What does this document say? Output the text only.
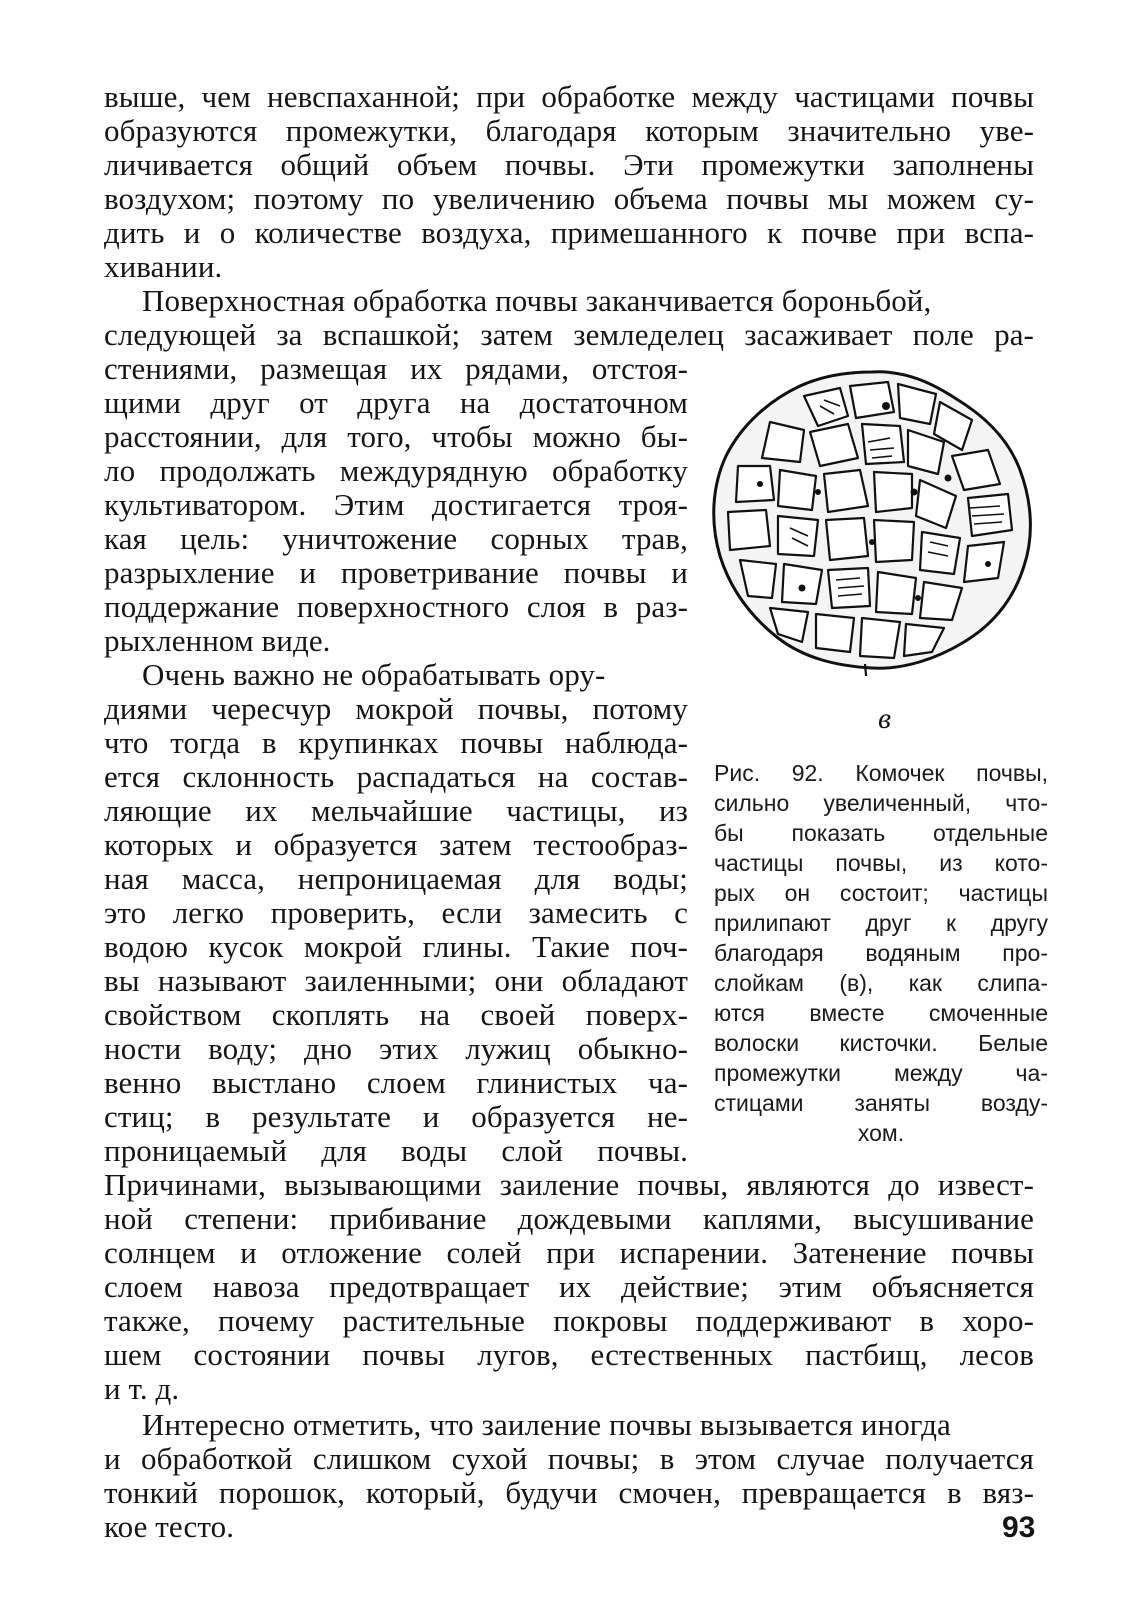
выше, чем невспаханной; при обработке между частицами почвы
образуются промежутки, благодаря которым значительно уве-
личивается общий объем почвы. Эти промежутки заполнены
воздухом; поэтому по увеличению объема почвы мы можем су-
дить и о количестве воздуха, примешанного к почве при вспа-
хивании.
Поверхностная обработка почвы заканчивается бороньбой,
следующей за вспашкой; затем земледелец засаживает поле ра-
стениями, размещая их рядами, отстоя-
щими друг от друга на достаточном
расстоянии, для того, чтобы можно бы-
ло продолжать междурядную обработку
культиватором. Этим достигается троя-
кая цель: уничтожение сорных трав,
разрыхление и проветривание почвы и
поддержание поверхностного слоя в раз-
рыхленном виде.
Очень важно не обрабатывать ору-
диями чересчур мокрой почвы, потому
что тогда в крупинках почвы наблюда-
ется склонность распадаться на состав-
ляющие их мельчайшие частицы, из
которых и образуется затем тестообраз-
ная масса, непроницаемая для воды;
это легко проверить, если замесить с
водою кусок мокрой глины. Такие поч-
вы называют заиленными; они обладают
свойством скоплять на своей поверх-
ности воду; дно этих лужиц обыкно-
венно выстлано слоем глинистых ча-
стиц; в результате и образуется не-
проницаемый для воды слой почвы.
Причинами, вызывающими заиление почвы, являются до извест-
ной степени: прибивание дождевыми каплями, высушивание
солнцем и отложение солей при испарении. Затенение почвы
слоем навоза предотвращает их действие; этим объясняется
также, почему растительные покровы поддерживают в хоро-
шем состоянии почвы лугов, естественных пастбищ, лесов
и т. д.
Интересно отметить, что заиление почвы вызывается иногда
и обработкой слишком сухой почвы; в этом случае получается
тонкий порошок, который, будучи смочен, превращается в вяз-
кое тесто.
в
Рис. 92. Комочек почвы,
сильно увеличенный, что-
бы показать отдельные
частицы почвы, из кото-
рых он состоит; частицы
прилипают друг к другу
благодаря водяным про-
слойкам (в), как слипа-
ются вместе смоченные
волоски кисточки. Белые
промежутки между ча-
стицами заняты возду-
хом.
93
